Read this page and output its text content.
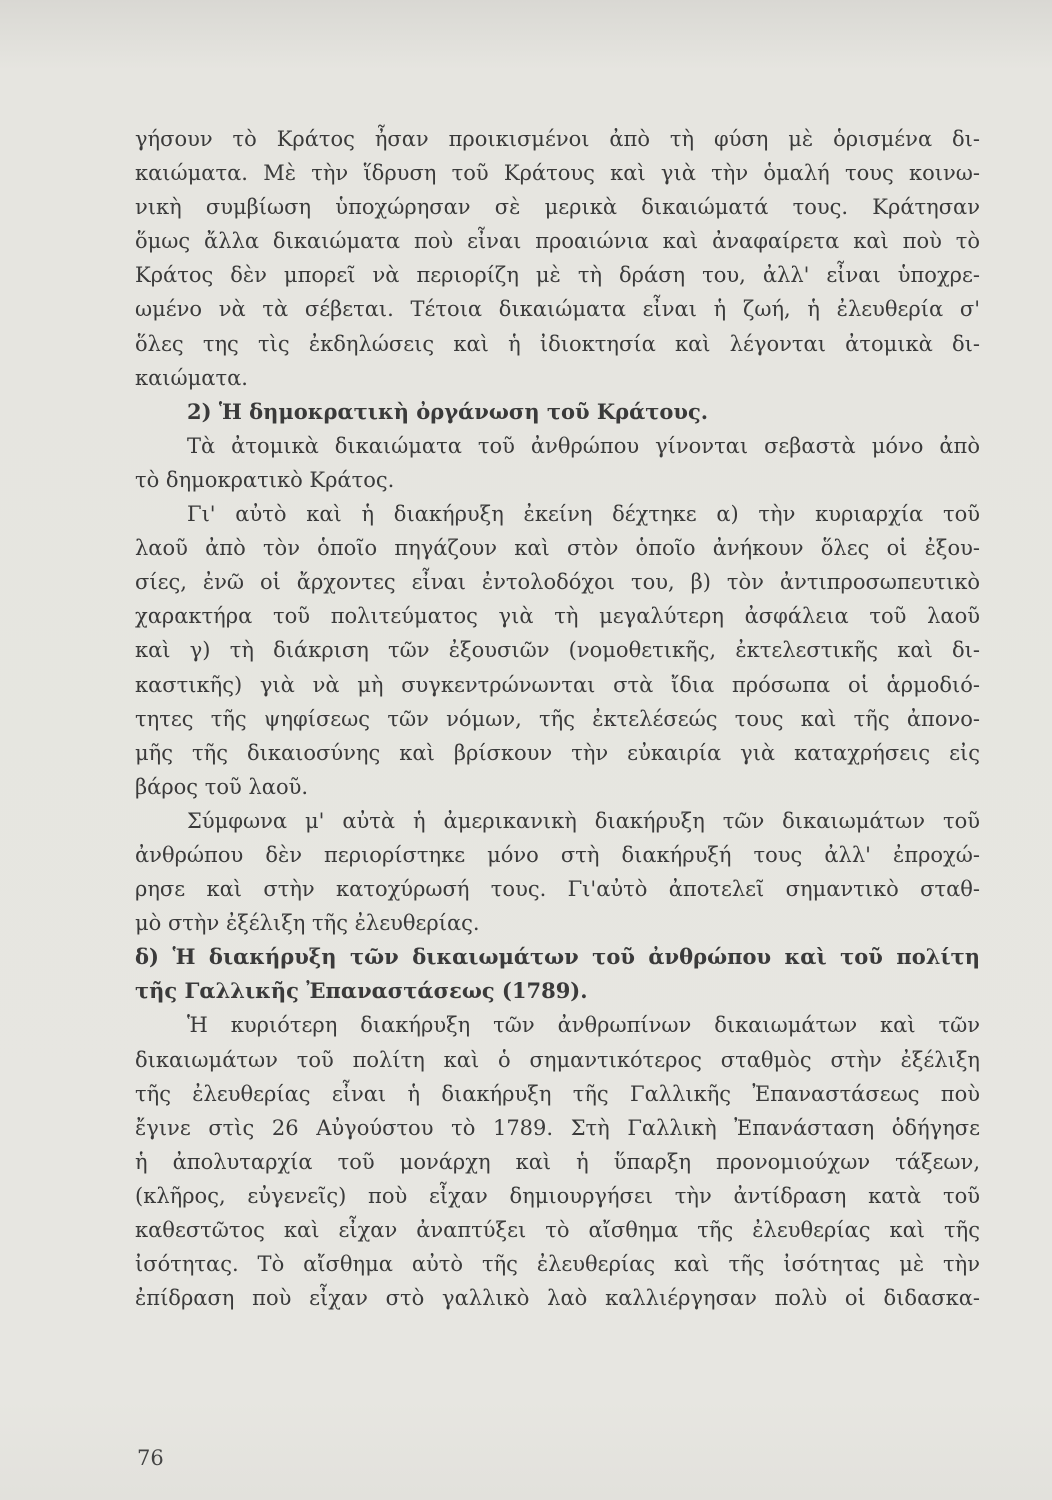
γήσουν τὸ Κράτος ἦσαν προικισμένοι ἀπὸ τὴ φύση μὲ ὁρισμένα δι-
καιώματα. Μὲ τὴν ἵδρυση τοῦ Κράτους καὶ γιὰ τὴν ὁμαλή τους κοινω-
νικὴ συμβίωση ὑποχώρησαν σὲ μερικὰ δικαιώματά τους. Κράτησαν
ὅμως ἄλλα δικαιώματα ποὺ εἶναι προαιώνια καὶ ἀναφαίρετα καὶ ποὺ τὸ
Κράτος δὲν μπορεῖ νὰ περιορίζη μὲ τὴ δράση του, ἀλλ' εἶναι ὑποχρε-
ωμένο νὰ τὰ σέβεται. Τέτοια δικαιώματα εἶναι ἡ ζωή, ἡ ἐλευθερία σ'
ὅλες της τὶς ἐκδηλώσεις καὶ ἡ ἰδιοκτησία καὶ λέγονται ἀτομικὰ δι-
καιώματα.
2) Ἡ δημοκρατικὴ ὀργάνωση τοῦ Κράτους.
Τὰ ἀτομικὰ δικαιώματα τοῦ ἀνθρώπου γίνονται σεβαστὰ μόνο ἀπὸ
τὸ δημοκρατικὸ Κράτος.
Γι' αὐτὸ καὶ ἡ διακήρυξη ἐκείνη δέχτηκε α) τὴν κυριαρχία τοῦ
λαοῦ ἀπὸ τὸν ὁποῖο πηγάζουν καὶ στὸν ὁποῖο ἀνήκουν ὅλες οἱ ἐξου-
σίες, ἐνῶ οἱ ἄρχοντες εἶναι ἐντολοδόχοι του, β) τὸν ἀντιπροσωπευτικὸ
χαρακτήρα τοῦ πολιτεύματος γιὰ τὴ μεγαλύτερη ἀσφάλεια τοῦ λαοῦ
καὶ γ) τὴ διάκριση τῶν ἐξουσιῶν (νομοθετικῆς, ἐκτελεστικῆς καὶ δι-
καστικῆς) γιὰ νὰ μὴ συγκεντρώνωνται στὰ ἴδια πρόσωπα οἱ ἁρμοδιό-
τητες τῆς ψηφίσεως τῶν νόμων, τῆς ἐκτελέσεώς τους καὶ τῆς ἀπονο-
μῆς τῆς δικαιοσύνης καὶ βρίσκουν τὴν εὐκαιρία γιὰ καταχρήσεις εἰς
βάρος τοῦ λαοῦ.
Σύμφωνα μ' αὐτὰ ἡ ἀμερικανικὴ διακήρυξη τῶν δικαιωμάτων τοῦ
ἀνθρώπου δὲν περιορίστηκε μόνο στὴ διακήρυξή τους ἀλλ' ἐπροχώ-
ρησε καὶ στὴν κατοχύρωσή τους. Γι'αὐτὸ ἀποτελεῖ σημαντικὸ σταθ-
μὸ στὴν ἐξέλιξη τῆς ἐλευθερίας.
δ) Ἡ διακήρυξη τῶν δικαιωμάτων τοῦ ἀνθρώπου καὶ τοῦ πολίτη
τῆς Γαλλικῆς Ἐπαναστάσεως (1789).
Ἡ κυριότερη διακήρυξη τῶν ἀνθρωπίνων δικαιωμάτων καὶ τῶν
δικαιωμάτων τοῦ πολίτη καὶ ὁ σημαντικότερος σταθμὸς στὴν ἐξέλιξη
τῆς ἐλευθερίας εἶναι ἡ διακήρυξη τῆς Γαλλικῆς Ἐπαναστάσεως ποὺ
ἔγινε στὶς 26 Αὐγούστου τὸ 1789. Στὴ Γαλλικὴ Ἐπανάσταση ὁδήγησε
ἡ ἀπολυταρχία τοῦ μονάρχη καὶ ἡ ὕπαρξη προνομιούχων τάξεων,
(κλῆρος, εὐγενεῖς) ποὺ εἶχαν δημιουργήσει τὴν ἀντίδραση κατὰ τοῦ
καθεστῶτος καὶ εἶχαν ἀναπτύξει τὸ αἴσθημα τῆς ἐλευθερίας καὶ τῆς
ἰσότητας. Τὸ αἴσθημα αὐτὸ τῆς ἐλευθερίας καὶ τῆς ἰσότητας μὲ τὴν
ἐπίδραση ποὺ εἶχαν στὸ γαλλικὸ λαὸ καλλιέργησαν πολὺ οἱ διδασκα-
76
